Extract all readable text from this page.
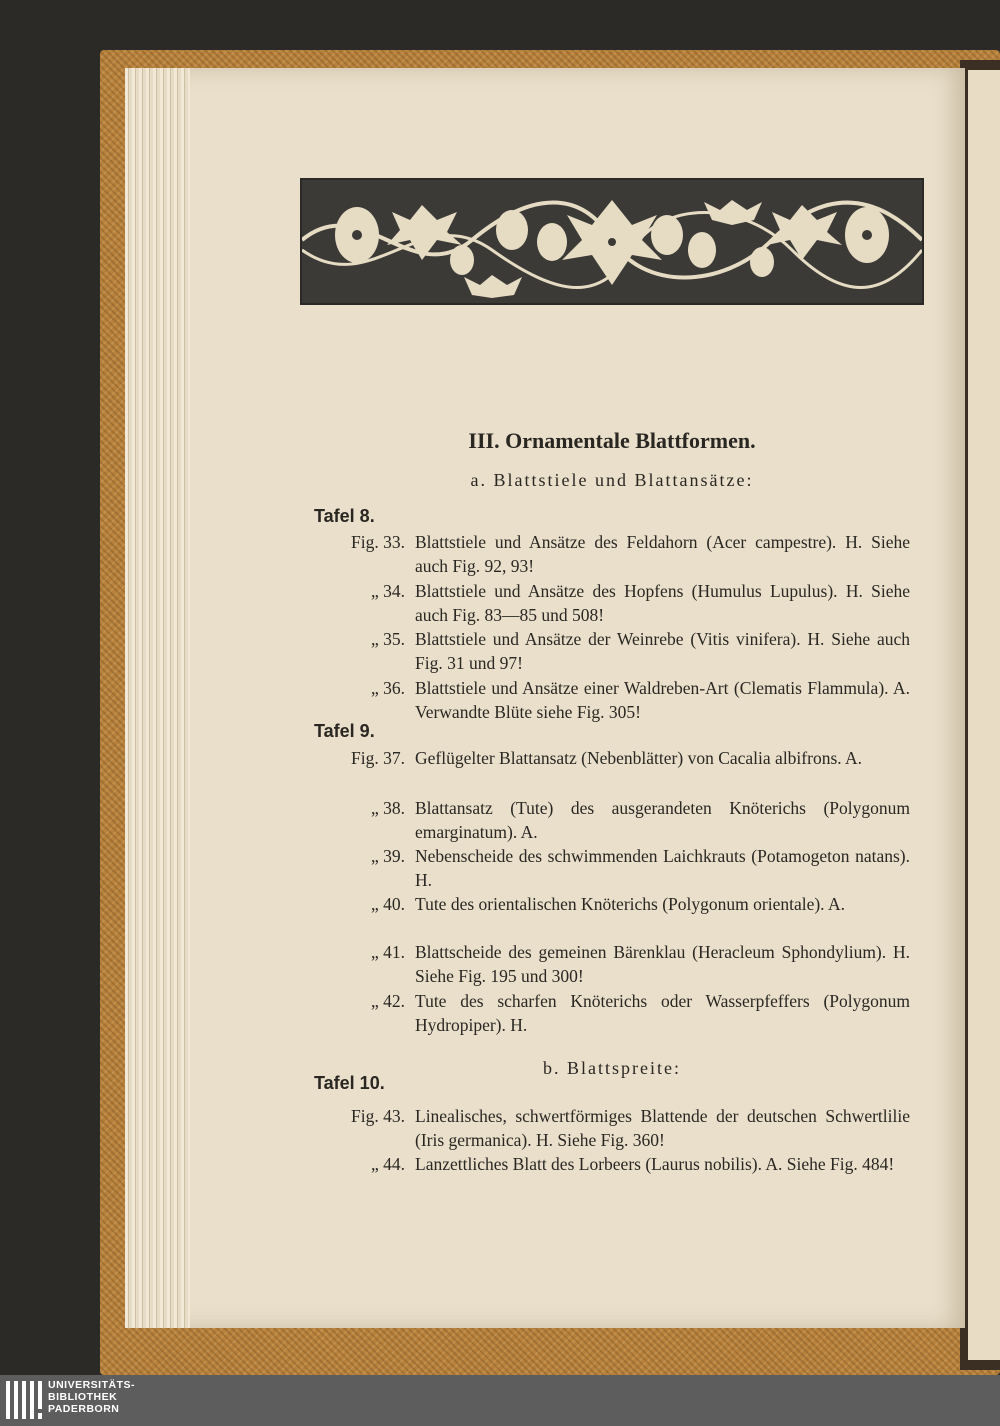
III. Ornamentale Blattformen.
a. Blattstiele und Blattansätze:
Tafel 8.
Fig. 33. Blattstiele und Ansätze des Feldahorn (Acer campestre). H. Siehe auch Fig. 92, 93!
„ 34. Blattstiele und Ansätze des Hopfens (Humulus Lupulus). H. Siehe auch Fig. 83—85 und 508!
„ 35. Blattstiele und Ansätze der Weinrebe (Vitis vinifera). H. Siehe auch Fig. 31 und 97!
„ 36. Blattstiele und Ansätze einer Waldreben-Art (Clematis Flammula). A. Verwandte Blüte siehe Fig. 305!
Tafel 9.
Fig. 37. Geflügelter Blattansatz (Nebenblätter) von Cacalia albifrons. A.
„ 38. Blattansatz (Tute) des ausgerandeten Knöterichs (Polygonum emarginatum). A.
„ 39. Nebenscheide des schwimmenden Laichkrauts (Potamogeton natans). H.
„ 40. Tute des orientalischen Knöterichs (Polygonum orientale). A.
„ 41. Blattscheide des gemeinen Bärenklau (Heracleum Sphondylium). H. Siehe Fig. 195 und 300!
„ 42. Tute des scharfen Knöterichs oder Wasserpfeffers (Polygonum Hydropiper). H.
b. Blattspreite:
Tafel 10.
Fig. 43. Linealisches, schwertförmiges Blattende der deutschen Schwertlilie (Iris germanica). H. Siehe Fig. 360!
„ 44. Lanzettliches Blatt des Lorbeers (Laurus nobilis). A. Siehe Fig. 484!
UNIVERSITÄTS-
BIBLIOTHEK
PADERBORN
